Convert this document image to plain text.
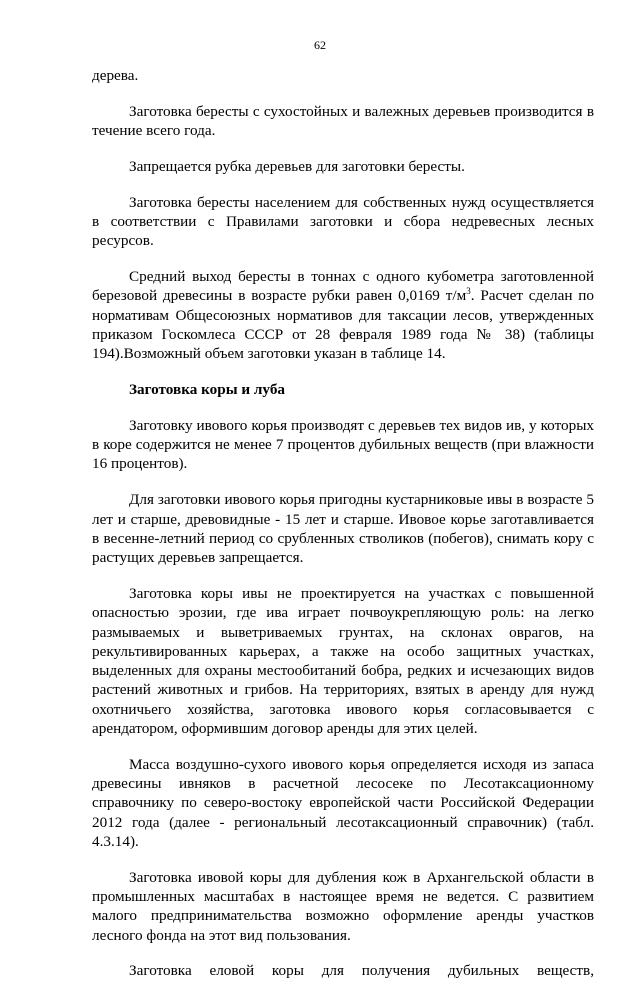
62

дерева.

Заготовка бересты с сухостойных и валежных деревьев производится в течение всего года.

Запрещается рубка деревьев для заготовки бересты.

Заготовка бересты населением для собственных нужд осуществляется в соответствии с Правилами заготовки и сбора недревесных лесных ресурсов.

Средний выход бересты в тоннах с одного кубометра заготовленной березовой древесины в возрасте рубки равен 0,0169 $т/м^3$. Расчет сделан по нормативам Общесоюзных нормативов для таксации лесов, утвержденных приказом Госкомлеса СССР от 28 февраля 1989 года № 38) (таблицы 194).Возможный объем заготовки указан в таблице 14.

Заготовка коры и луба

Заготовку ивового корья производят с деревьев тех видов ив, у которых в коре содержится не менее 7 процентов дубильных веществ (при влажности 16 процентов).

Для заготовки ивового корья пригодны кустарниковые ивы в возрасте 5 лет и старше, древовидные - 15 лет и старше. Ивовое корье заготавливается в весенне-летний период со срубленных стволиков (побегов), снимать кору с растущих деревьев запрещается.

Заготовка коры ивы не проектируется на участках с повышенной опасностью эрозии, где ива играет почвоукрепляющую роль: на легко размываемых и выветриваемых грунтах, на склонах оврагов, на рекультивированных карьерах, а также на особо защитных участках, выделенных для охраны местообитаний бобра, редких и исчезающих видов растений животных и грибов. На территориях, взятых в аренду для нужд охотничьего хозяйства, заготовка ивового корья согласовывается с арендатором, оформившим договор аренды для этих целей.

Масса воздушно-сухого ивового корья определяется исходя из запаса древесины ивняков в расчетной лесосеке по Лесотаксационному справочнику по северо-востоку европейской части Российской Федерации 2012 года (далее - региональный лесотаксационный справочник) (табл. 4.3.14).

Заготовка ивовой коры для дубления кож в Архангельской области в промышленных масштабах в настоящее время не ведется. С развитием малого предпринимательства возможно оформление аренды участков лесного фонда на этот вид пользования.

Заготовка еловой коры для получения дубильных веществ,
